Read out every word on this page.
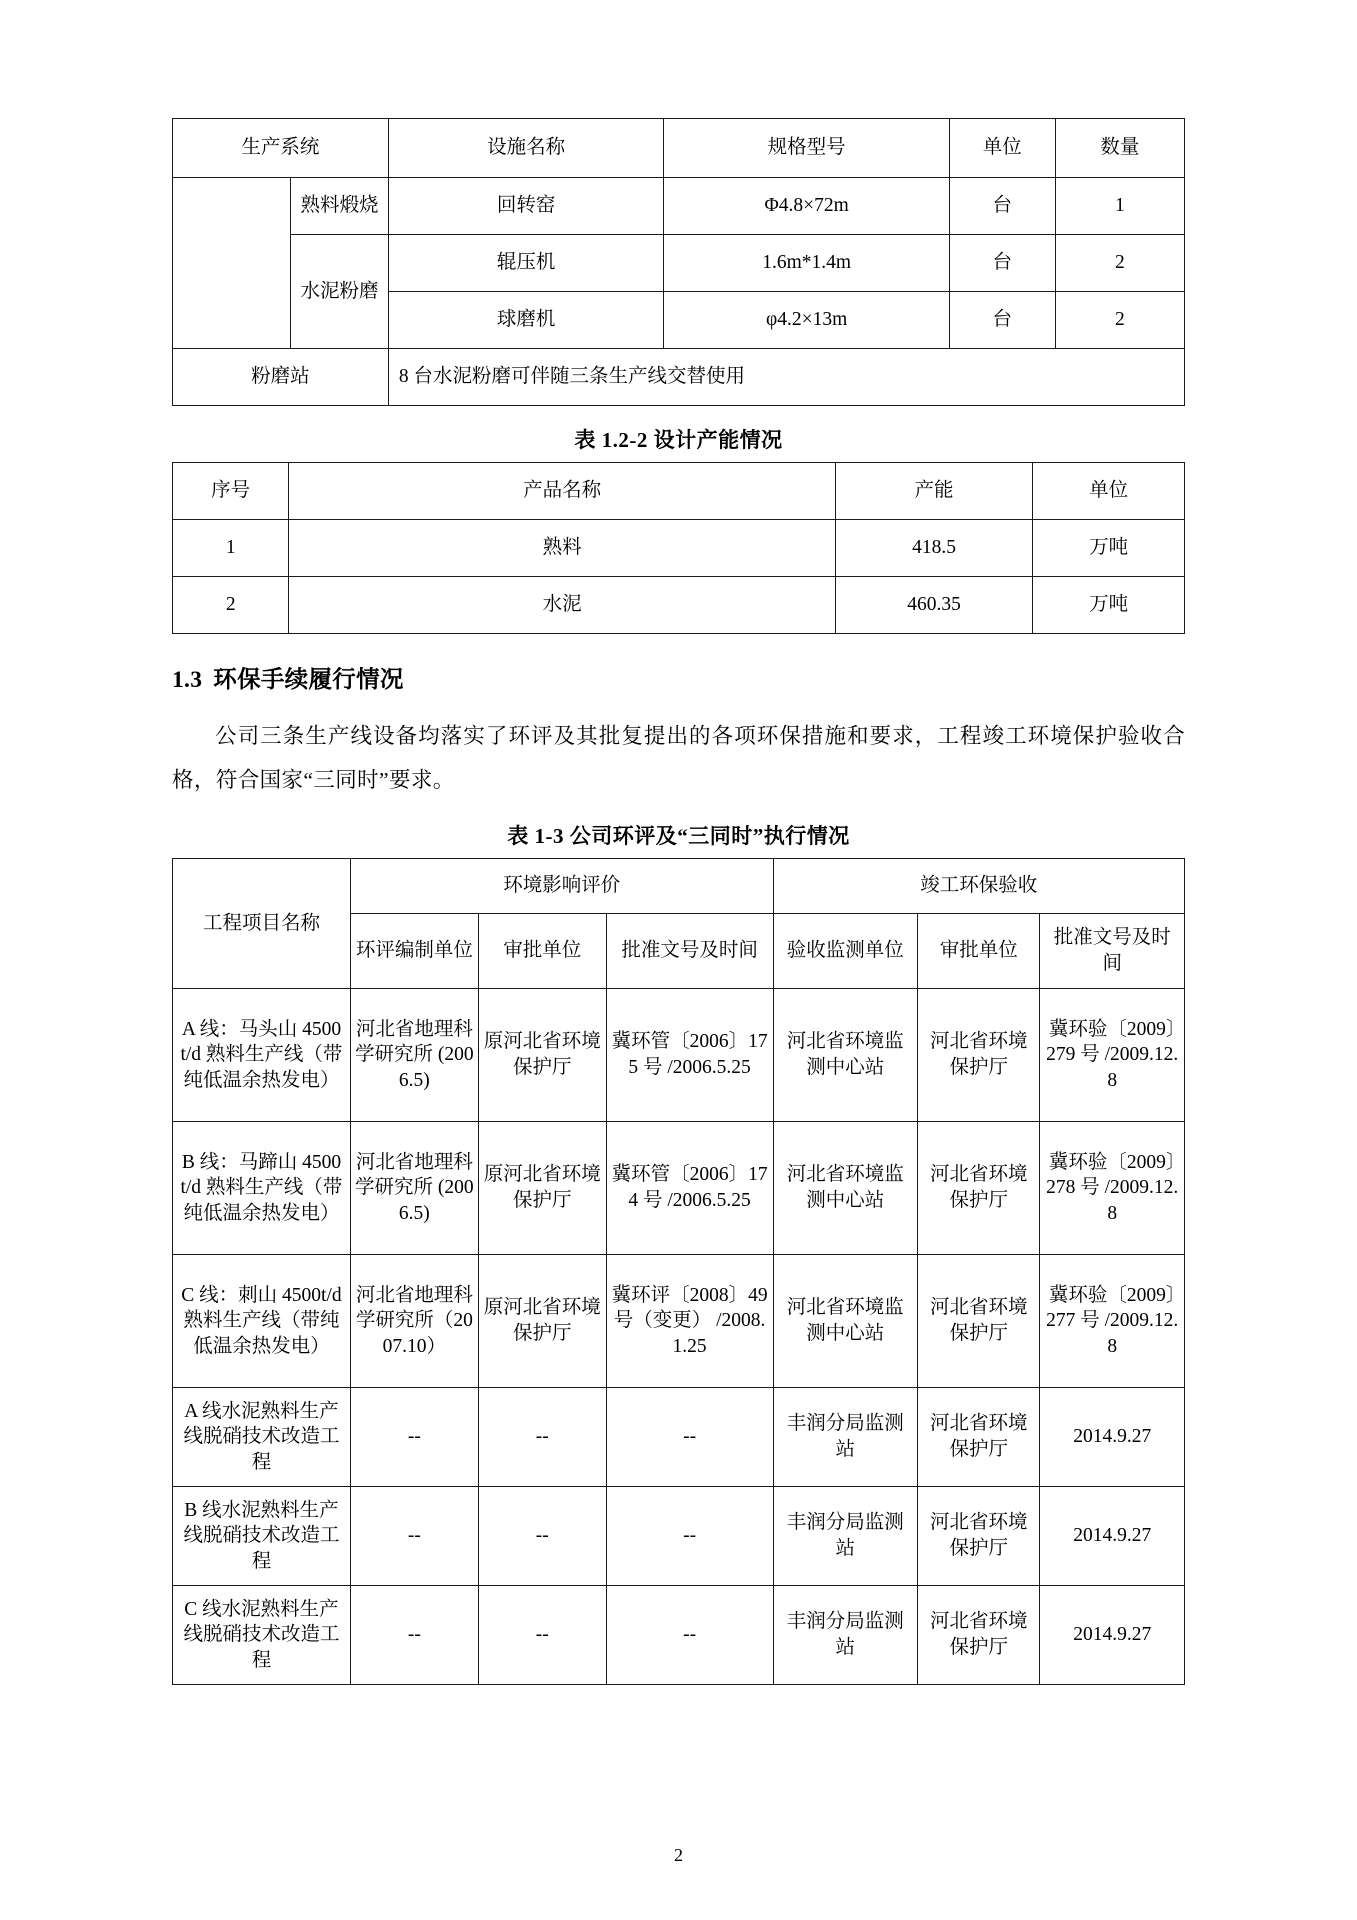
生产系统		设施名称	规格型号	单位	数量
	熟料煅烧	回转窑	Φ4.8×72m	台	1
	水泥粉磨	辊压机	1.6m*1.4m	台	2
		球磨机	φ4.2×13m	台	2
粉磨站		8 台水泥粉磨可伴随三条生产线交替使用			
表 1.2-2 设计产能情况
序号	产品名称	产能	单位
1	熟料	418.5	万吨
2	水泥	460.35	万吨
1.3 环保手续履行情况

公司三条生产线设备均落实了环评及其批复提出的各项环保措施和要求，工程竣工环境保护验收合格，符合国家“三同时”要求。

表 1-3 公司环评及“三同时”执行情况
工程项目名称	环境影响评价			竣工环保验收		
	环评编制单位	审批单位	批准文号及时间	验收监测单位	审批单位	批准文号及时间
A 线：马头山 4500t/d 熟料生产线（带纯低温余热发电）	河北省地理科学研究所 (2006.5)	原河北省环境保护厅	冀环管〔2006〕175 号 /2006.5.25	河北省环境监测中心站	河北省环境保护厅	冀环验〔2009〕279 号 /2009.12.8
B 线：马蹄山 4500t/d 熟料生产线（带纯低温余热发电）	河北省地理科学研究所 (2006.5)	原河北省环境保护厅	冀环管〔2006〕174 号 /2006.5.25	河北省环境监测中心站	河北省环境保护厅	冀环验〔2009〕278 号 /2009.12.8
C 线：刺山 4500t/d 熟料生产线（带纯低温余热发电）	河北省地理科学研究所（2007.10）	原河北省环境保护厅	冀环评〔2008〕49 号（变更） /2008.1.25	河北省环境监测中心站	河北省环境保护厅	冀环验〔2009〕277 号 /2009.12.8
A 线水泥熟料生产线脱硝技术改造工程	--	--	--	丰润分局监测站	河北省环境保护厅	2014.9.27
B 线水泥熟料生产线脱硝技术改造工程	--	--	--	丰润分局监测站	河北省环境保护厅	2014.9.27
C 线水泥熟料生产线脱硝技术改造工程	--	--	--	丰润分局监测站	河北省环境保护厅	2014.9.27
2
